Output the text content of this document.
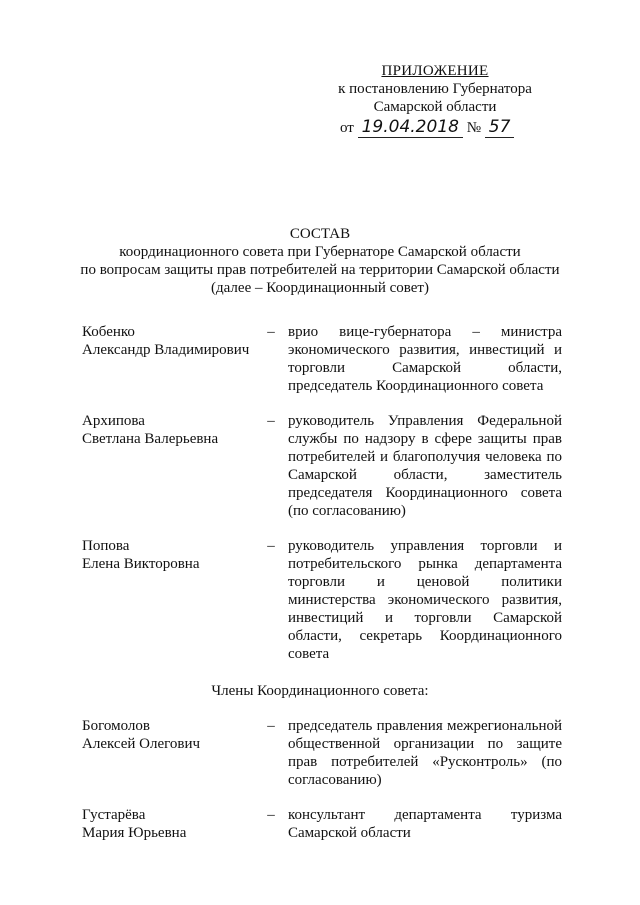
ПРИЛОЖЕНИЕ
к постановлению Губернатора
Самарской области
от 19.04.2018 № 57
СОСТАВ
координационного совета при Губернаторе Самарской области
по вопросам защиты прав потребителей на территории Самарской области
(далее – Координационный совет)
Кобенко
Александр Владимирович
– врио вице-губернатора – министра экономического развития, инвестиций и торговли Самарской области, председатель Координационного совета
Архипова
Светлана Валерьевна
– руководитель Управления Федеральной службы по надзору в сфере защиты прав потребителей и благополучия человека по Самарской области, заместитель председателя Координационного совета (по согласованию)
Попова
Елена Викторовна
– руководитель управления торговли и потребительского рынка департамента торговли и ценовой политики министерства экономического развития, инвестиций и торговли Самарской области, секретарь Координационного совета
Члены Координационного совета:
Богомолов
Алексей Олегович
– председатель правления межрегиональной общественной организации по защите прав потребителей «Русконтроль» (по согласованию)
Густарёва
Мария Юрьевна
– консультант департамента туризма Самарской области
